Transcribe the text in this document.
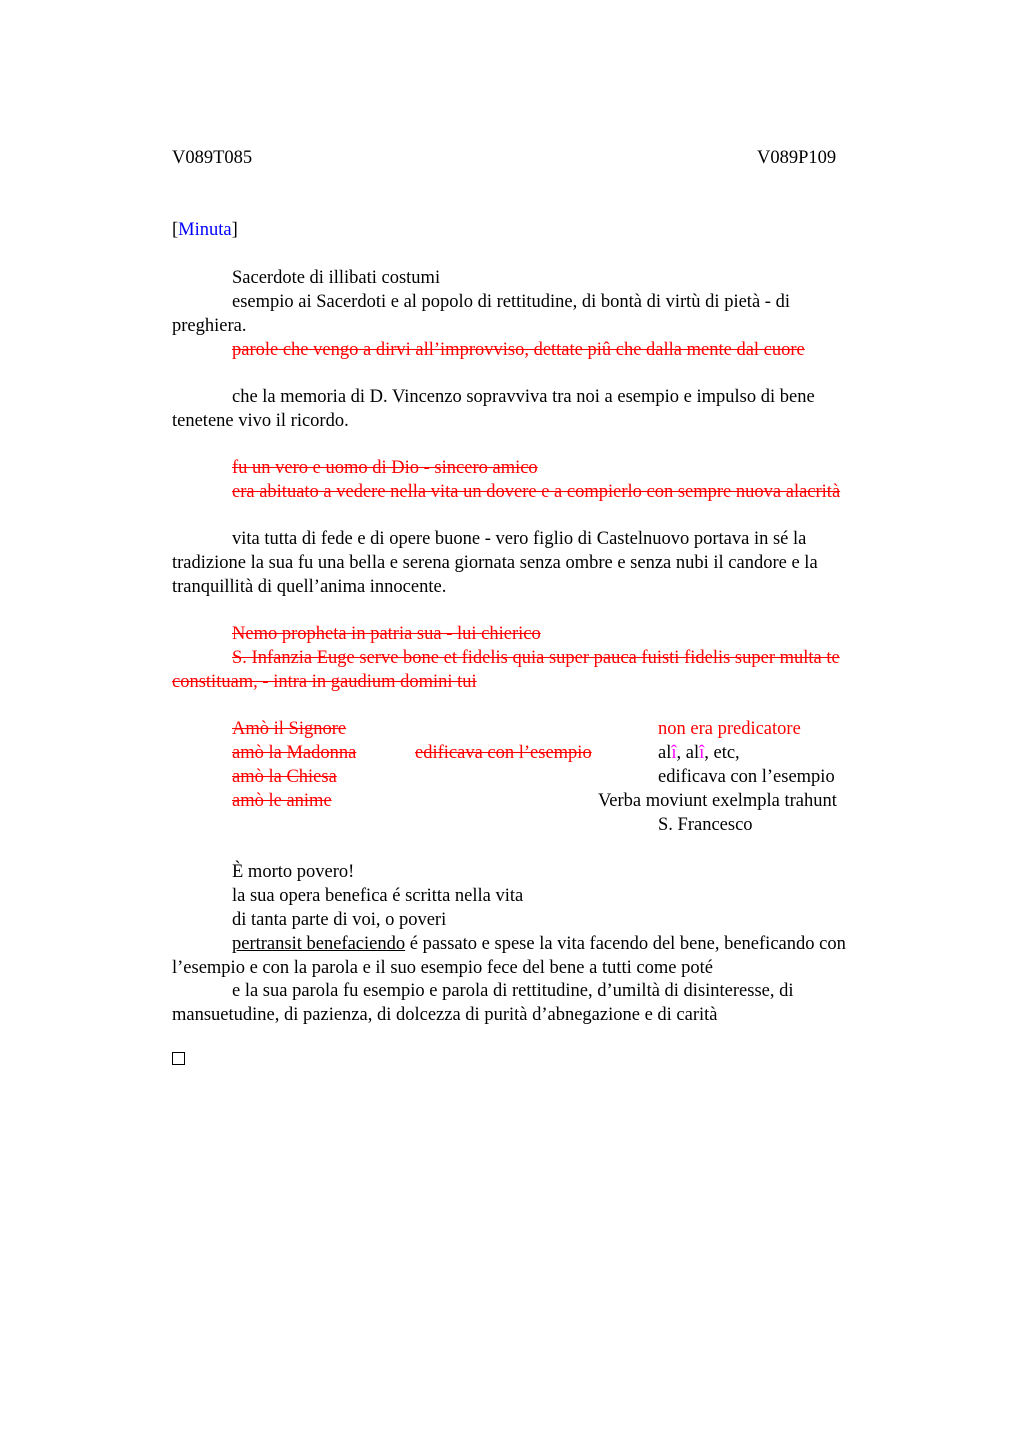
V089T085	V089P109
[Minuta]
Sacerdote di illibati costumi
esempio ai Sacerdoti e al popolo di rettitudine, di bontà di virtù di pietà - di
preghiera.
parole che vengo a dirvi all’improvviso, dettate piû che dalla mente dal cuore
che la memoria di D. Vincenzo sopravviva tra noi a esempio e impulso di bene
tenetene vivo il ricordo.
fu un vero e uomo di Dio - sincero amico
era abituato a vedere nella vita un dovere e a compierlo con sempre nuova alacrità
vita tutta di fede e di opere buone - vero figlio di Castelnuovo portava in sé la
tradizione la sua fu una bella e serena giornata senza ombre e senza nubi il candore e la
tranquillità di quell’anima innocente.
Nemo propheta in patria sua - lui chierico
S. Infanzia Euge serve bone et fidelis quia super pauca fuisti fidelis super multa te
constituam, - intra in gaudium domini tui
Amò il Signore
amò la Madonna
amò la Chiesa
amò le anime
edificava con l’esempio
non era predicatore
alî, alî, etc,
edificava con l’esempio
Verba moviunt exelmpla trahunt
S. Francesco
È morto povero!
la sua opera benefica é scritta nella vita
di tanta parte di voi, o poveri
pertransit benefaciendo é passato e spese la vita facendo del bene, beneficando con
l’esempio e con la parola e il suo esempio fece del bene a tutti come poté
e la sua parola fu esempio e parola di rettitudine, d’umiltà di disinteresse, di
mansuetudine, di pazienza, di dolcezza di purità d’abnegazione e di carità
